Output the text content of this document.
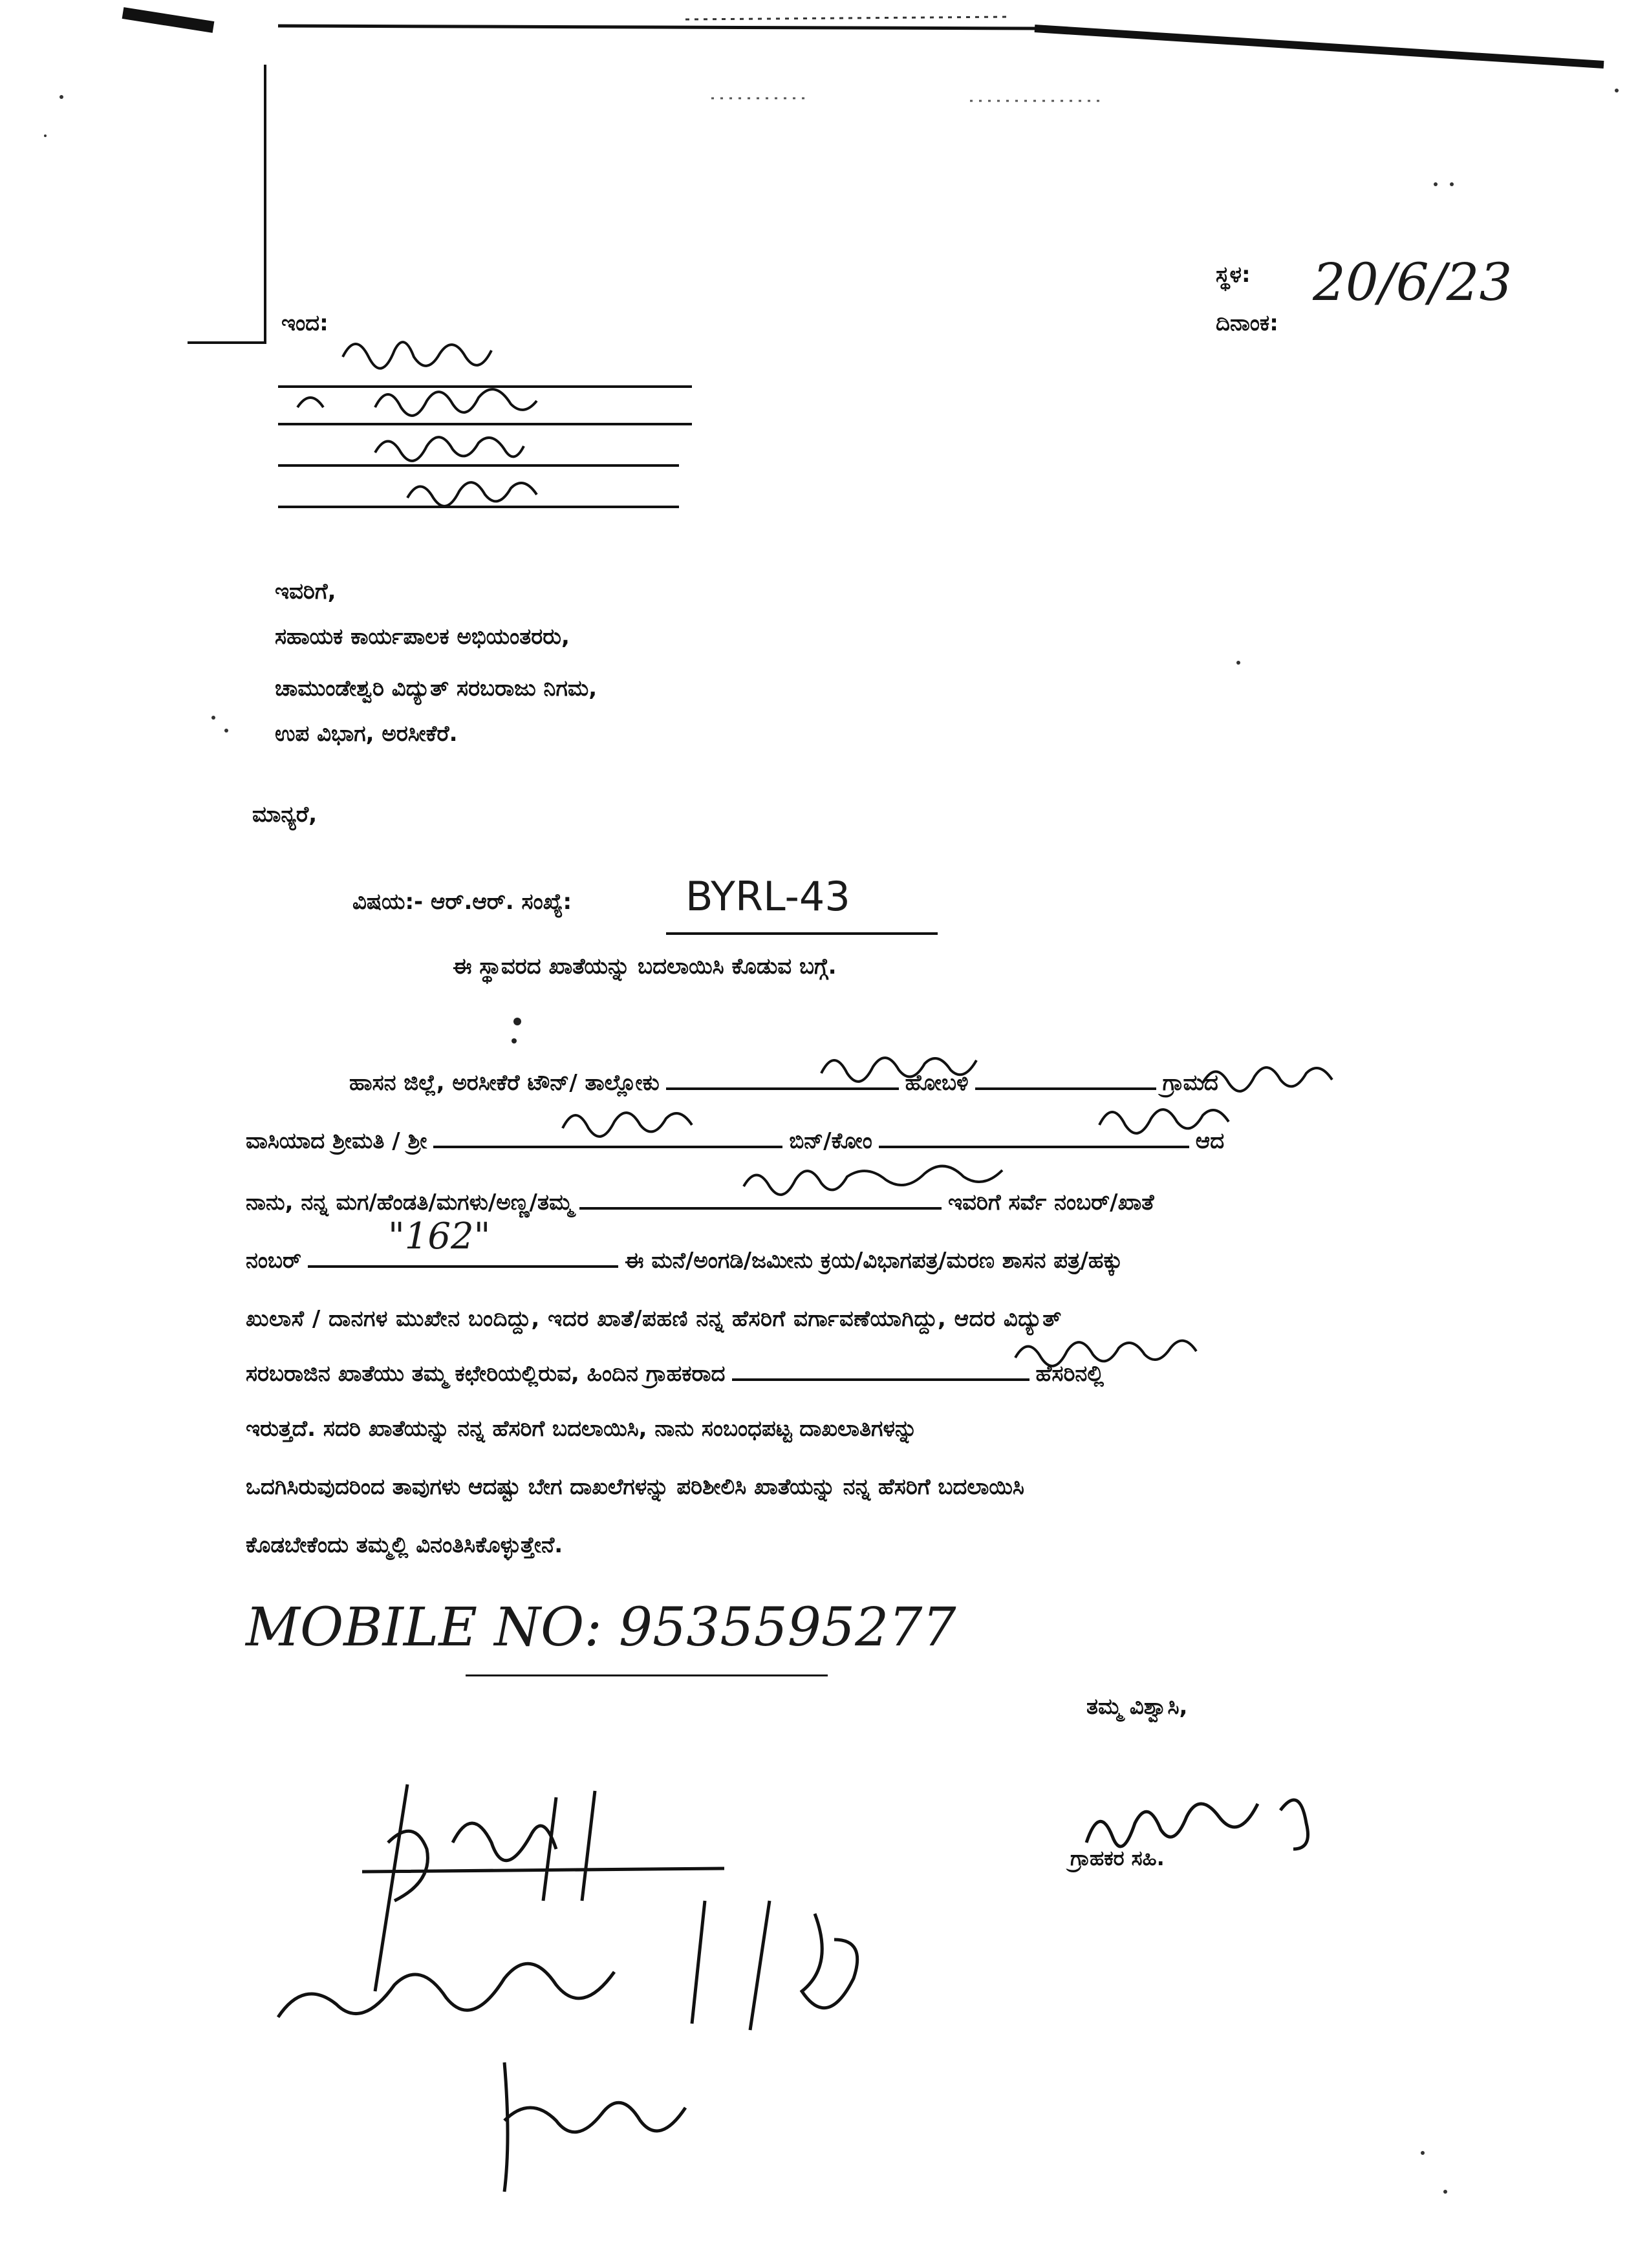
ಸ್ಥಳ:
ದಿನಾಂಕ:
20/6/23
ಇಂದ:
ಇವರಿಗೆ,
ಸಹಾಯಕ ಕಾರ್ಯಪಾಲಕ ಅಭಿಯಂತರರು,
ಚಾಮುಂಡೇಶ್ವರಿ ವಿದ್ಯುತ್ ಸರಬರಾಜು ನಿಗಮ,
ಉಪ ವಿಭಾಗ, ಅರಸೀಕೆರೆ.
ಮಾನ್ಯರೆ,
ವಿಷಯ:- ಆರ್.ಆರ್. ಸಂಖ್ಯೆ:	BYRL-43
ಈ ಸ್ಥಾವರದ ಖಾತೆಯನ್ನು ಬದಲಾಯಿಸಿ ಕೊಡುವ ಬಗ್ಗೆ.
ಹಾಸನ ಜಿಲ್ಲೆ, ಅರಸೀಕೆರೆ ಟೌನ್/ ತಾಲ್ಲೋಕು	ಹೋಬಳಿ	ಗ್ರಾಮದ
ವಾಸಿಯಾದ ಶ್ರೀಮತಿ / ಶ್ರೀ	ಬಿನ್/ಕೋಂ	ಆದ
ನಾನು, ನನ್ನ ಮಗ/ಹೆಂಡತಿ/ಮಗಳು/ಅಣ್ಣ/ತಮ್ಮ	ಇವರಿಗೆ ಸರ್ವೆ ನಂಬರ್/ಖಾತೆ
ನಂಬರ್	ಈ ಮನೆ/ಅಂಗಡಿ/ಜಮೀನು ಕ್ರಯ/ವಿಭಾಗಪತ್ರ/ಮರಣ ಶಾಸನ ಪತ್ರ/ಹಕ್ಕು
"162"
ಖುಲಾಸೆ / ದಾನಗಳ ಮುಖೇನ ಬಂದಿದ್ದು, ಇದರ ಖಾತೆ/ಪಹಣಿ ನನ್ನ ಹೆಸರಿಗೆ ವರ್ಗಾವಣೆಯಾಗಿದ್ದು, ಆದರ ವಿದ್ಯುತ್
ಸರಬರಾಜಿನ ಖಾತೆಯು ತಮ್ಮ ಕಛೇರಿಯಲ್ಲಿರುವ, ಹಿಂದಿನ ಗ್ರಾಹಕರಾದ	ಹೆಸರಿನಲ್ಲಿ
ಇರುತ್ತದೆ. ಸದರಿ ಖಾತೆಯನ್ನು ನನ್ನ ಹೆಸರಿಗೆ ಬದಲಾಯಿಸಿ, ನಾನು ಸಂಬಂಧಪಟ್ಟ ದಾಖಲಾತಿಗಳನ್ನು
ಒದಗಿಸಿರುವುದರಿಂದ ತಾವುಗಳು ಆದಷ್ಟು ಬೇಗ ದಾಖಲೆಗಳನ್ನು ಪರಿಶೀಲಿಸಿ ಖಾತೆಯನ್ನು ನನ್ನ ಹೆಸರಿಗೆ ಬದಲಾಯಿಸಿ
ಕೊಡಬೇಕೆಂದು ತಮ್ಮಲ್ಲಿ ವಿನಂತಿಸಿಕೊಳ್ಳುತ್ತೇನೆ.
MOBILE NO: 9535595277
ತಮ್ಮ ವಿಶ್ವಾಸಿ,
ಗ್ರಾಹಕರ ಸಹಿ.
